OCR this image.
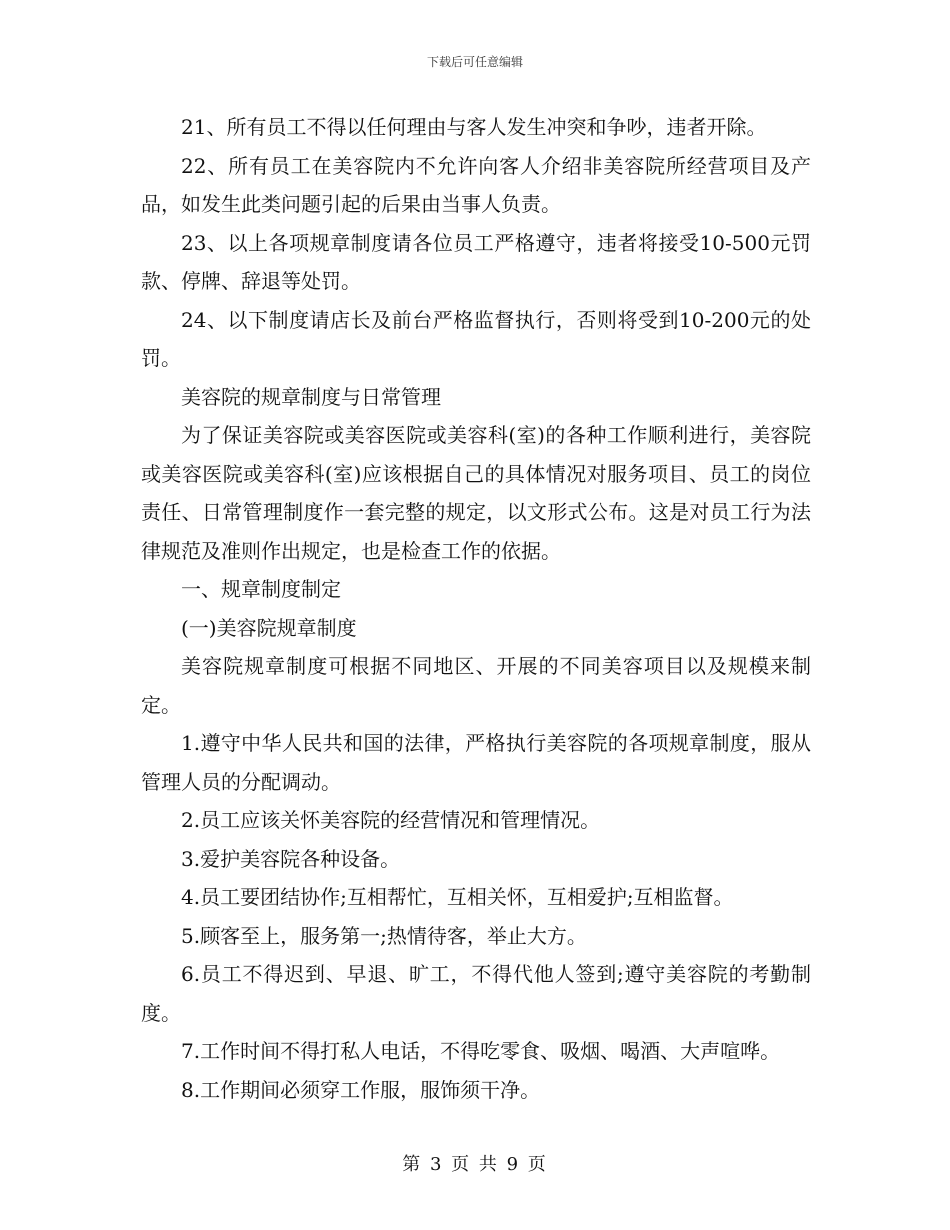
下载后可任意编辑

21、所有员工不得以任何理由与客人发生冲突和争吵，违者开除。

22、所有员工在美容院内不允许向客人介绍非美容院所经营项目及产品，如发生此类问题引起的后果由当事人负责。

23、以上各项规章制度请各位员工严格遵守，违者将接受10-500元罚款、停牌、辞退等处罚。

24、以下制度请店长及前台严格监督执行，否则将受到10-200元的处罚。

美容院的规章制度与日常管理

为了保证美容院或美容医院或美容科(室)的各种工作顺利进行，美容院或美容医院或美容科(室)应该根据自己的具体情况对服务项目、员工的岗位责任、日常管理制度作一套完整的规定，以文形式公布。这是对员工行为法律规范及准则作出规定，也是检查工作的依据。

一、规章制度制定

(一)美容院规章制度

美容院规章制度可根据不同地区、开展的不同美容项目以及规模来制定。

1.遵守中华人民共和国的法律，严格执行美容院的各项规章制度，服从管理人员的分配调动。

2.员工应该关怀美容院的经营情况和管理情况。

3.爱护美容院各种设备。

4.员工要团结协作;互相帮忙，互相关怀，互相爱护;互相监督。

5.顾客至上，服务第一;热情待客，举止大方。

6.员工不得迟到、早退、旷工，不得代他人签到;遵守美容院的考勤制度。

7.工作时间不得打私人电话，不得吃零食、吸烟、喝酒、大声喧哗。

8.工作期间必须穿工作服，服饰须干净。

第 3 页 共 9 页
